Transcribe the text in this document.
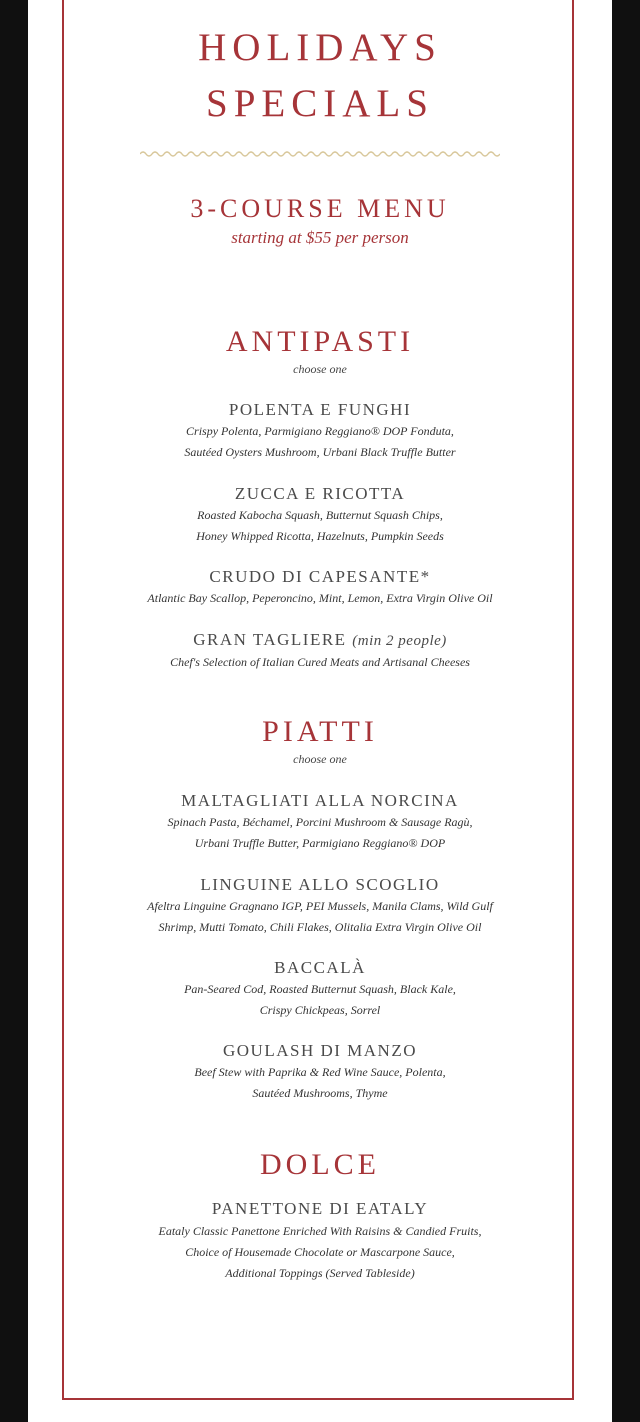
HOLIDAYS
SPECIALS
3-COURSE MENU
starting at $55 per person
ANTIPASTI
choose one
POLENTA E FUNGHI
Crispy Polenta, Parmigiano Reggiano® DOP Fonduta,
Sautéed Oysters Mushroom, Urbani Black Truffle Butter
ZUCCA E RICOTTA
Roasted Kabocha Squash, Butternut Squash Chips,
Honey Whipped Ricotta, Hazelnuts, Pumpkin Seeds
CRUDO DI CAPESANTE*
Atlantic Bay Scallop, Peperoncino, Mint, Lemon, Extra Virgin Olive Oil
GRAN TAGLIERE (min 2 people)
Chef's Selection of Italian Cured Meats and Artisanal Cheeses
PIATTI
choose one
MALTAGLIATI ALLA NORCINA
Spinach Pasta, Béchamel, Porcini Mushroom & Sausage Ragù,
Urbani Truffle Butter, Parmigiano Reggiano® DOP
LINGUINE ALLO SCOGLIO
Afeltra Linguine Gragnano IGP, PEI Mussels, Manila Clams, Wild Gulf
Shrimp, Mutti Tomato, Chili Flakes, Olitalia Extra Virgin Olive Oil
BACCALÀ
Pan-Seared Cod, Roasted Butternut Squash, Black Kale,
Crispy Chickpeas, Sorrel
GOULASH DI MANZO
Beef Stew with Paprika & Red Wine Sauce, Polenta,
Sautéed Mushrooms, Thyme
DOLCE
PANETTONE DI EATALY
Eataly Classic Panettone Enriched With Raisins & Candied Fruits,
Choice of Housemade Chocolate or Mascarpone Sauce,
Additional Toppings (Served Tableside)
